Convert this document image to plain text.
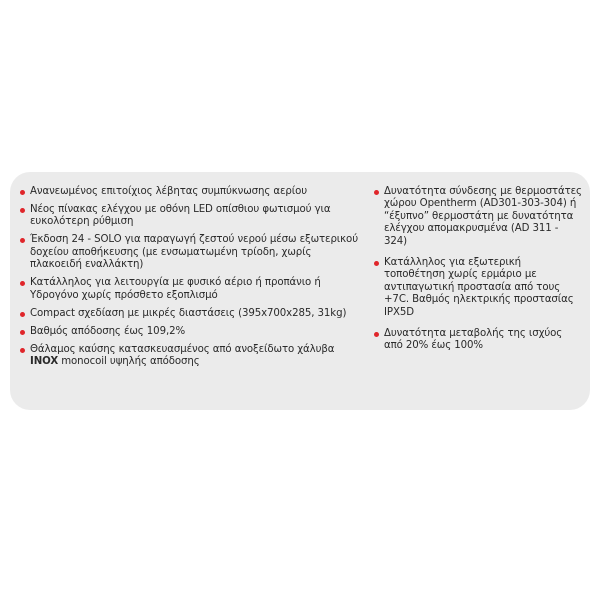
Ανανεωμένος επιτοίχιος λέβητας συμπύκνωσης αερίου
Νέος πίνακας ελέγχου με οθόνη LED οπίσθιου φωτισμού για ευκολότερη ρύθμιση
Έκδοση 24 - SOLO για παραγωγή ζεστού νερού μέσω εξωτερικού δοχείου αποθήκευσης (με ενσωματωμένη τρίοδη, χωρίς πλακοειδή εναλλάκτη)
Κατάλληλος για λειτουργία με φυσικό αέριο ή προπάνιο ή Υδρογόνο χωρίς πρόσθετο εξοπλισμό
Compact σχεδίαση με μικρές διαστάσεις (395x700x285, 31kg)
Βαθμός απόδοσης έως 109,2%
Θάλαμος καύσης κατασκευασμένος από ανοξείδωτο χάλυβα
INOX monocoil υψηλής απόδοσης
Δυνατότητα σύνδεσης με θερμοστάτες χώρου Opentherm (AD301-303-304) ή “έξυπνο” θερμοστάτη με δυνατότητα ελέγχου απομακρυσμένα (AD 311 - 324)
Κατάλληλος για εξωτερική τοποθέτηση χωρίς ερμάριο με αντιπαγωτική προστασία από τους +7C. Βαθμός ηλεκτρικής προστασίας IPX5D
Δυνατότητα μεταβολής της ισχύος από 20% έως 100%
